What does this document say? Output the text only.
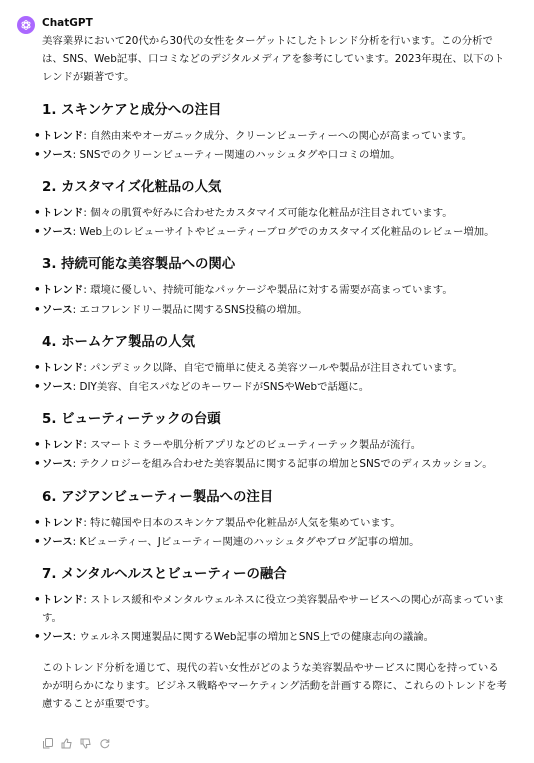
ChatGPT

美容業界において20代から30代の女性をターゲットにしたトレンド分析を行います。この分析では、SNS、Web記事、口コミなどのデジタルメディアを参考にしています。2023年現在、以下のトレンドが顕著です。

1. スキンケアと成分への注目
• トレンド: 自然由来やオーガニック成分、クリーンビューティーへの関心が高まっています。
• ソース: SNSでのクリーンビューティー関連のハッシュタグや口コミの増加。
2. カスタマイズ化粧品の人気
• トレンド: 個々の肌質や好みに合わせたカスタマイズ可能な化粧品が注目されています。
• ソース: Web上のレビューサイトやビューティーブログでのカスタマイズ化粧品のレビュー増加。
3. 持続可能な美容製品への関心
• トレンド: 環境に優しい、持続可能なパッケージや製品に対する需要が高まっています。
• ソース: エコフレンドリー製品に関するSNS投稿の増加。
4. ホームケア製品の人気
• トレンド: パンデミック以降、自宅で簡単に使える美容ツールや製品が注目されています。
• ソース: DIY美容、自宅スパなどのキーワードがSNSやWebで話題に。
5. ビューティーテックの台頭
• トレンド: スマートミラーや肌分析アプリなどのビューティーテック製品が流行。
• ソース: テクノロジーを組み合わせた美容製品に関する記事の増加とSNSでのディスカッション。
6. アジアンビューティー製品への注目
• トレンド: 特に韓国や日本のスキンケア製品や化粧品が人気を集めています。
• ソース: Kビューティー、Jビューティー関連のハッシュタグやブログ記事の増加。
7. メンタルヘルスとビューティーの融合
• トレンド: ストレス緩和やメンタルウェルネスに役立つ美容製品やサービスへの関心が高まっています。
• ソース: ウェルネス関連製品に関するWeb記事の増加とSNS上での健康志向の議論。

このトレンド分析を通じて、現代の若い女性がどのような美容製品やサービスに関心を持っているかが明らかになります。ビジネス戦略やマーケティング活動を計画する際に、これらのトレンドを考慮することが重要です。
